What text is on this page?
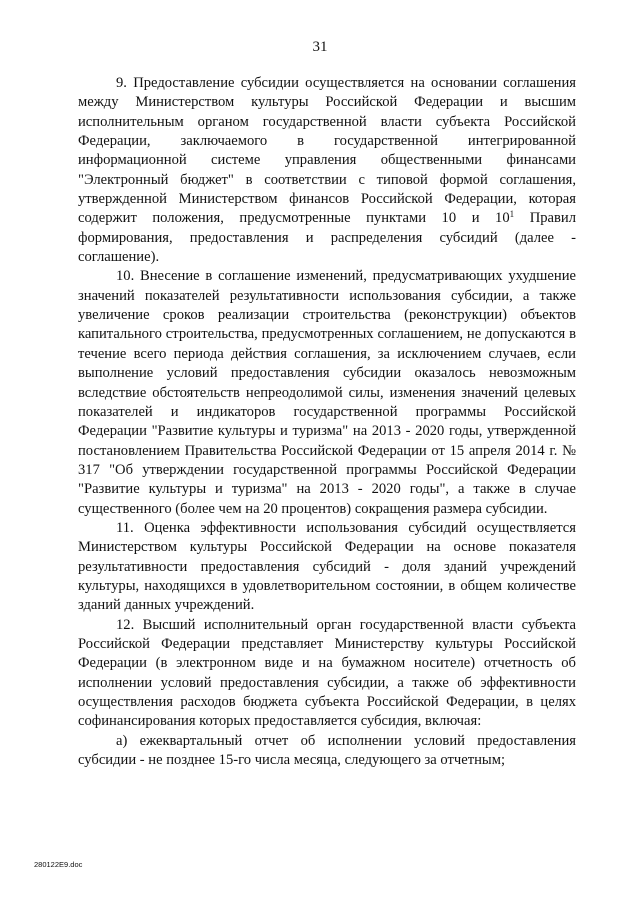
31

9. Предоставление субсидии осуществляется на основании соглашения между Министерством культуры Российской Федерации и высшим исполнительным органом государственной власти субъекта Российской Федерации, заключаемого в государственной интегрированной информационной системе управления общественными финансами "Электронный бюджет" в соответствии с типовой формой соглашения, утвержденной Министерством финансов Российской Федерации, которая содержит положения, предусмотренные пунктами 10 и $10^1$ Правил формирования, предоставления и распределения субсидий (далее - соглашение).

10. Внесение в соглашение изменений, предусматривающих ухудшение значений показателей результативности использования субсидии, а также увеличение сроков реализации строительства (реконструкции) объектов капитального строительства, предусмотренных соглашением, не допускаются в течение всего периода действия соглашения, за исключением случаев, если выполнение условий предоставления субсидии оказалось невозможным вследствие обстоятельств непреодолимой силы, изменения значений целевых показателей и индикаторов государственной программы Российской Федерации "Развитие культуры и туризма" на 2013 - 2020 годы, утвержденной постановлением Правительства Российской Федерации от 15 апреля 2014 г. № 317 "Об утверждении государственной программы Российской Федерации "Развитие культуры и туризма" на 2013 - 2020 годы", а также в случае существенного (более чем на 20 процентов) сокращения размера субсидии.

11. Оценка эффективности использования субсидий осуществляется Министерством культуры Российской Федерации на основе показателя результативности предоставления субсидий - доля зданий учреждений культуры, находящихся в удовлетворительном состоянии, в общем количестве зданий данных учреждений.

12. Высший исполнительный орган государственной власти субъекта Российской Федерации представляет Министерству культуры Российской Федерации (в электронном виде и на бумажном носителе) отчетность об исполнении условий предоставления субсидии, а также об эффективности осуществления расходов бюджета субъекта Российской Федерации, в целях софинансирования которых предоставляется субсидия, включая:

а) ежеквартальный отчет об исполнении условий предоставления субсидии - не позднее 15-го числа месяца, следующего за отчетным;

280122E9.doc
